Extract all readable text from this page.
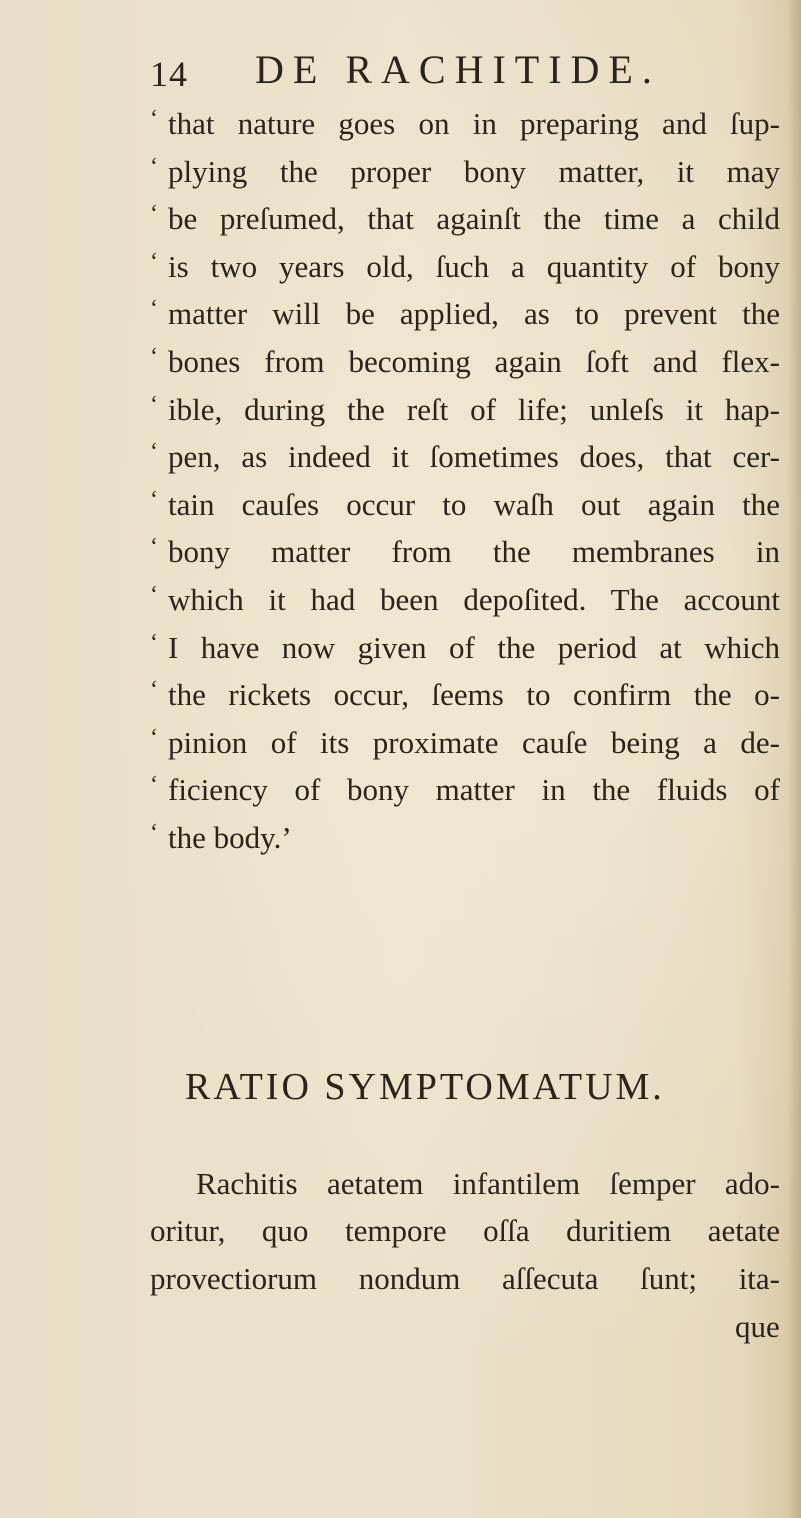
14 DE RACHITIDE.
‘ that nature goes on in preparing and ſup-
‘ plying the proper bony matter, it may
‘ be preſumed, that againſt the time a child
‘ is two years old, ſuch a quantity of bony
‘ matter will be applied, as to prevent the
‘ bones from becoming again ſoft and flex-
‘ ible, during the reſt of life; unleſs it hap-
‘ pen, as indeed it ſometimes does, that cer-
‘ tain cauſes occur to waſh out again the
‘ bony matter from the membranes in
‘ which it had been depoſited. The account
‘ I have now given of the period at which
‘ the rickets occur, ſeems to confirm the o-
‘ pinion of its proximate cauſe being a de-
‘ ficiency of bony matter in the fluids of
‘ the body.’
RATIO SYMPTOMATUM.
Rachitis aetatem infantilem ſemper ado-
oritur, quo tempore oſſa duritiem aetate
proveсtiorum nondum aſſecuta ſunt; ita-
que
